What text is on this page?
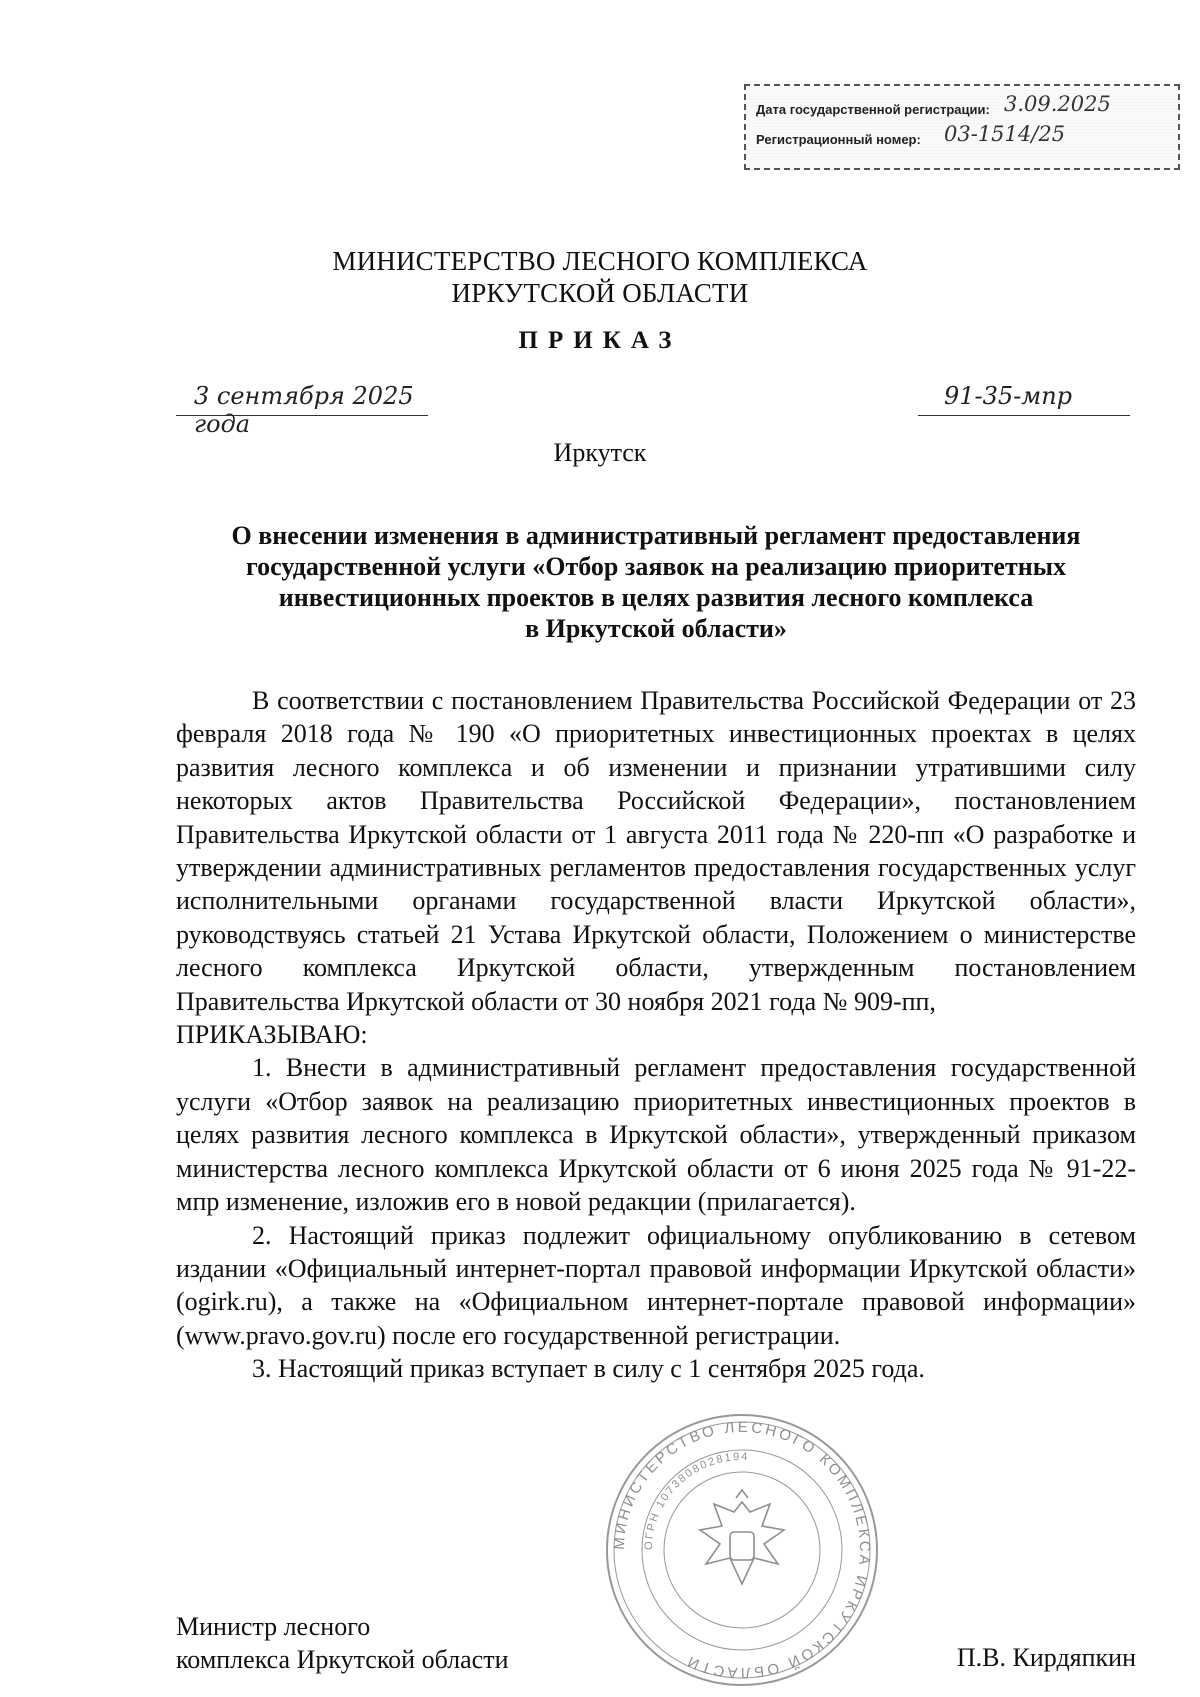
Дата государственной регистрации: 3.09.2025
Регистрационный номер: 03-1514/25
МИНИСТЕРСТВО ЛЕСНОГО КОМПЛЕКСА
ИРКУТСКОЙ ОБЛАСТИ
ПРИКАЗ
3 сентября 2025 года
91-35-мпр
Иркутск
О внесении изменения в административный регламент предоставления
государственной услуги «Отбор заявок на реализацию приоритетных
инвестиционных проектов в целях развития лесного комплекса
в Иркутской области»

В соответствии с постановлением Правительства Российской Федерации от 23 февраля 2018 года № 190 «О приоритетных инвестиционных проектах в целях развития лесного комплекса и об изменении и признании утратившими силу некоторых актов Правительства Российской Федерации», постановлением Правительства Иркутской области от 1 августа 2011 года № 220-пп «О разработке и утверждении административных регламентов предоставления государственных услуг исполнительными органами государственной власти Иркутской области», руководствуясь статьей 21 Устава Иркутской области, Положением о министерстве лесного комплекса Иркутской области, утвержденным постановлением Правительства Иркутской области от 30 ноября 2021 года № 909-пп,

ПРИКАЗЫВАЮ:

1. Внести в административный регламент предоставления государственной услуги «Отбор заявок на реализацию приоритетных инвестиционных проектов в целях развития лесного комплекса в Иркутской области», утвержденный приказом министерства лесного комплекса Иркутской области от 6 июня 2025 года № 91-22-мпр изменение, изложив его в новой редакции (прилагается).

2. Настоящий приказ подлежит официальному опубликованию в сетевом издании «Официальный интернет-портал правовой информации Иркутской области» (ogirk.ru), а также на «Официальном интернет-портале правовой информации» (www.pravo.gov.ru) после его государственной регистрации.

3. Настоящий приказ вступает в силу с 1 сентября 2025 года.

МИНИСТЕРСТВО ЛЕСНОГО КОМПЛЕКСА ИРКУТСКОЙ ОБЛАСТИ
ОГРН 1073808028194
Министр лесного
комплекса Иркутской области	П.В. Кирдяпкин
